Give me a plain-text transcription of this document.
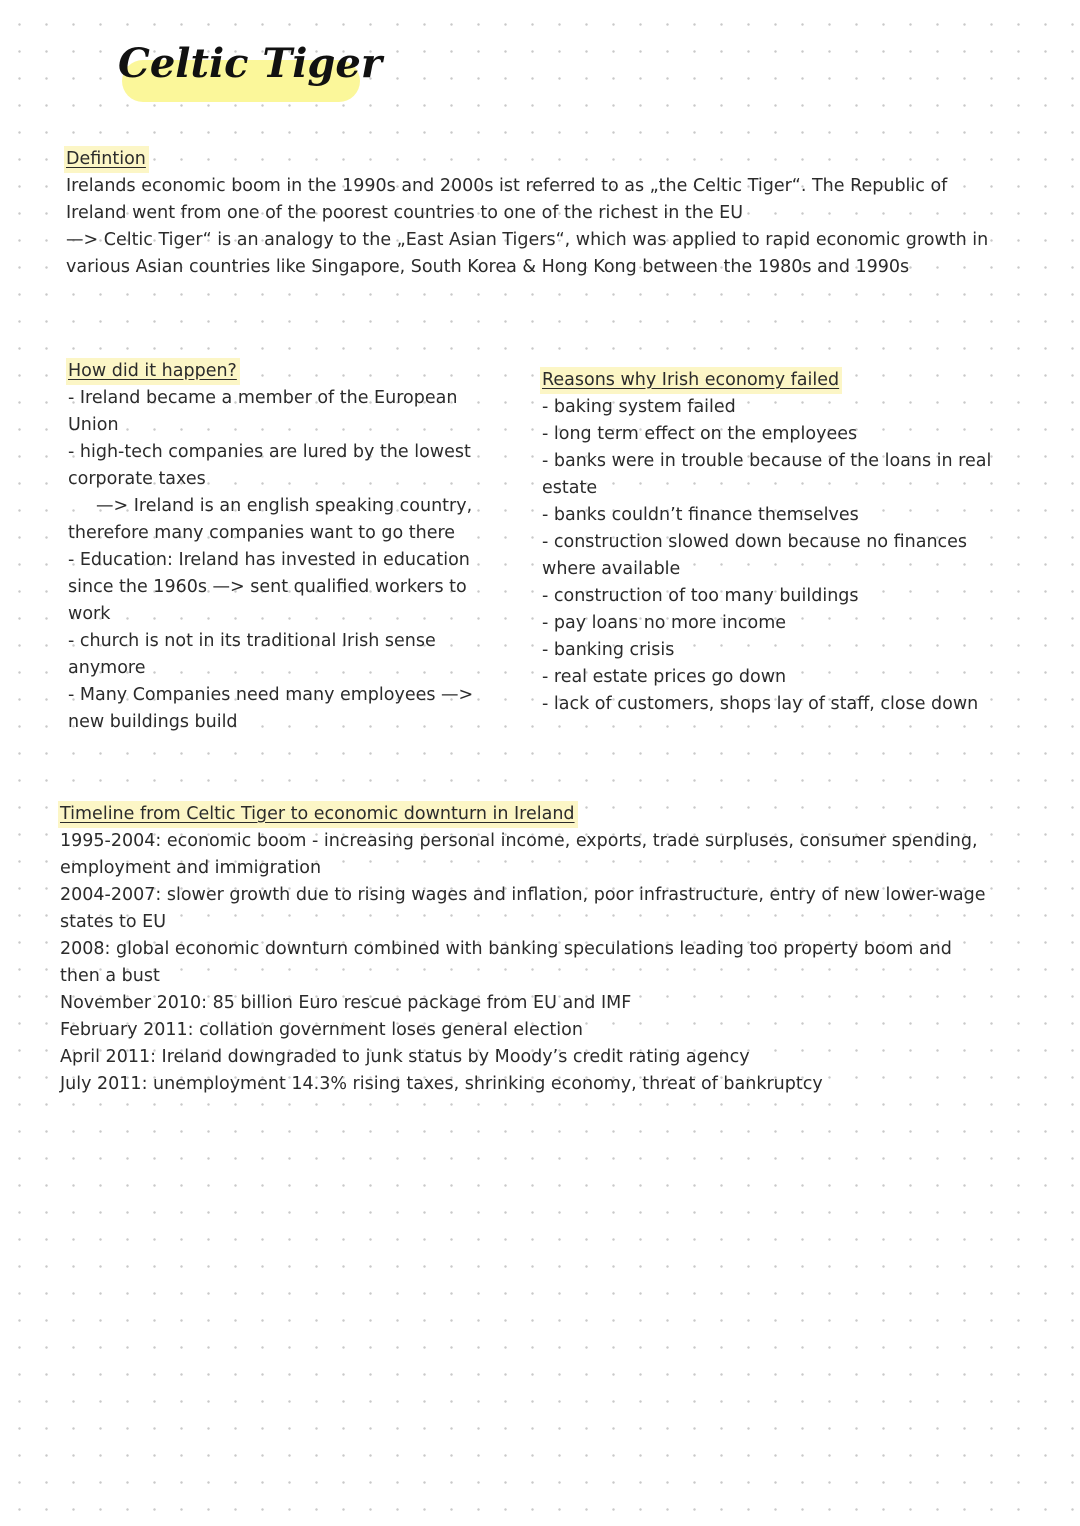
Celtic Tiger
Defintion
Irelands economic boom in the 1990s and 2000s ist referred to as „the Celtic Tiger“. The Republic of
Ireland went from one of the poorest countries to one of the richest in the EU
—> Celtic Tiger“ is an analogy to the „East Asian Tigers“, which was applied to rapid economic growth in
various Asian countries like Singapore, South Korea & Hong Kong between the 1980s and 1990s
How did it happen?
- Ireland became a member of the European
Union
- high-tech companies are lured by the lowest
corporate taxes
—> Ireland is an english speaking country,
therefore many companies want to go there
- Education: Ireland has invested in education
since the 1960s —> sent qualified workers to
work
- church is not in its traditional Irish sense
anymore
- Many Companies need many employees —>
new buildings build
Reasons why Irish economy failed
- baking system failed
- long term effect on the employees
- banks were in trouble because of the loans in real
estate
- banks couldn’t finance themselves
- construction slowed down because no finances
where available
- construction of too many buildings
- pay loans no more income
- banking crisis
- real estate prices go down
- lack of customers, shops lay of staff, close down
Timeline from Celtic Tiger to economic downturn in Ireland
1995-2004: economic boom - increasing personal income, exports, trade surpluses, consumer spending,
employment and immigration
2004-2007: slower growth due to rising wages and inflation, poor infrastructure, entry of new lower-wage
states to EU
2008: global economic downturn combined with banking speculations leading too property boom and
then a bust
November 2010: 85 billion Euro rescue package from EU and IMF
February 2011: collation government loses general election
April 2011: Ireland downgraded to junk status by Moody’s credit rating agency
July 2011: unemployment 14.3% rising taxes, shrinking economy, threat of bankruptcy
